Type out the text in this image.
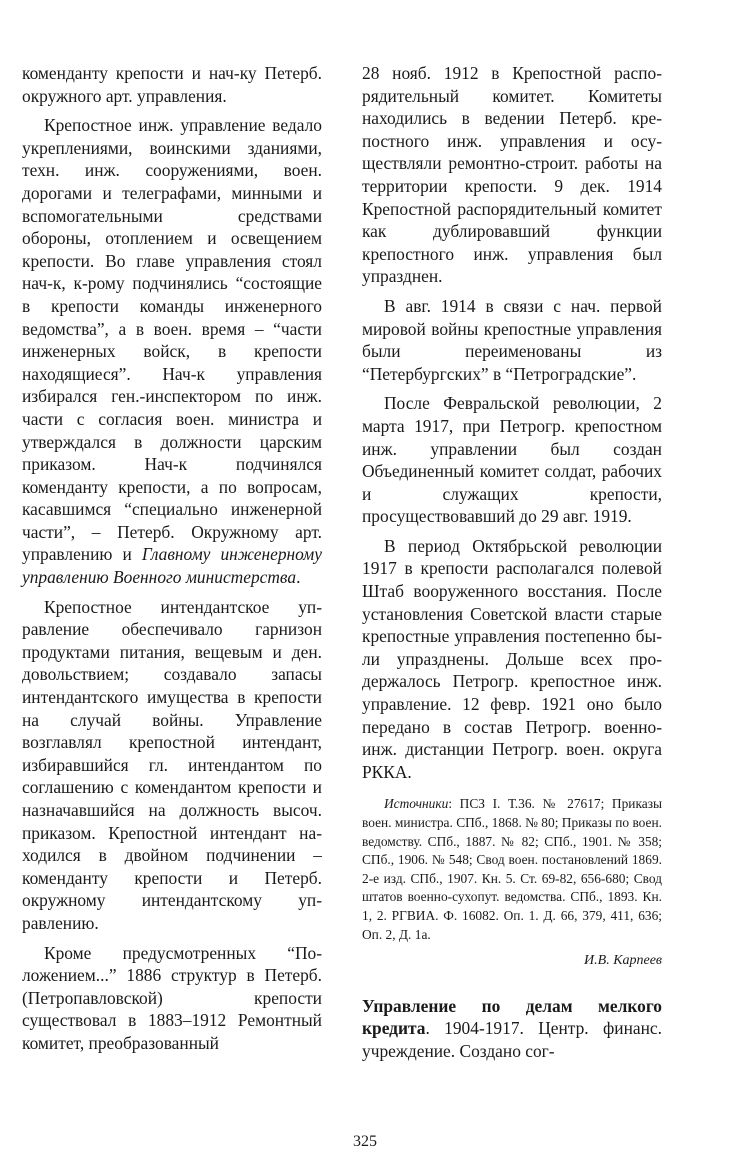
коменданту крепости и нач-ку Петерб. окружного арт. управления.

Крепостное инж. управление ведало укреплениями, воинскими зданиями, техн. инж. сооружениями, воен. дорогами и телеграфами, минными и вспомогательными средствами обороны, отоплением и освещением крепости. Во главе управления стоял нач-к, к-рому подчинялись “состоящие в крепости команды инженерного ведомства”, а в воен. время – “части инженерных войск, в крепости находящиеся”. Нач-к управления избирался ген.-инспектором по инж. части с согласия воен. министра и утверждался в должности царским приказом. Нач-к подчинялся коменданту крепости, а по вопросам, касавшимся “специально инженерной части”, – Петерб. Окружному арт. управлению и Главному инженерному управлению Военного министерства.

Крепостное интендантское управление обеспечивало гарнизон продуктами питания, вещевым и ден. довольствием; создавало запасы интендантского имущества в крепости на случай войны. Управление возглавлял крепостной интендант, избиравшийся гл. интендантом по соглашению с комендантом крепости и назначавшийся на должность высоч. приказом. Крепостной интендант находился в двойном подчинении – коменданту крепости и Петерб. окружному интендантскому управлению.

Кроме предусмотренных “Положением...” 1886 структур в Петерб. (Петропавловской) крепости существовал в 1883–1912 Ремонтный комитет, преобразованный

28 нояб. 1912 в Крепостной распорядительный комитет. Комитеты находились в ведении Петерб. крепостного инж. управления и осуществляли ремонтно-строит. работы на территории крепости. 9 дек. 1914 Крепостной распорядительный комитет как дублировавший функции крепостного инж. управления был упразднен.

В авг. 1914 в связи с нач. первой мировой войны крепостные управления были переименованы из “Петербургских” в “Петроградские”.

После Февральской революции, 2 марта 1917, при Петрогр. крепостном инж. управлении был создан Объединенный комитет солдат, рабочих и служащих крепости, просуществовавший до 29 авг. 1919.

В период Октябрьской революции 1917 в крепости располагался полевой Штаб вооруженного восстания. После установления Советской власти старые крепостные управления постепенно были упразднены. Дольше всех продержалось Петрогр. крепостное инж. управление. 12 февр. 1921 оно было передано в состав Петрогр. военно-инж. дистанции Петрогр. воен. округа РККА.

Источники: ПСЗ I. Т.36. № 27617; Приказы воен. министра. СПб., 1868. № 80; Приказы по воен. ведомству. СПб., 1887. № 82; СПб., 1901. № 358; СПб., 1906. № 548; Свод воен. постановлений 1869. 2-е изд. СПб., 1907. Кн. 5. Ст. 69-82, 656-680; Свод штатов военно-сухопут. ведомства. СПб., 1893. Кн. 1, 2. РГВИА. Ф. 16082. Оп. 1. Д. 66, 379, 411, 636; Оп. 2, Д. 1а.
И.В. Карпеев

Управление по делам мелкого кредита. 1904-1917. Центр. финанс. учреждение. Создано сог-

325
